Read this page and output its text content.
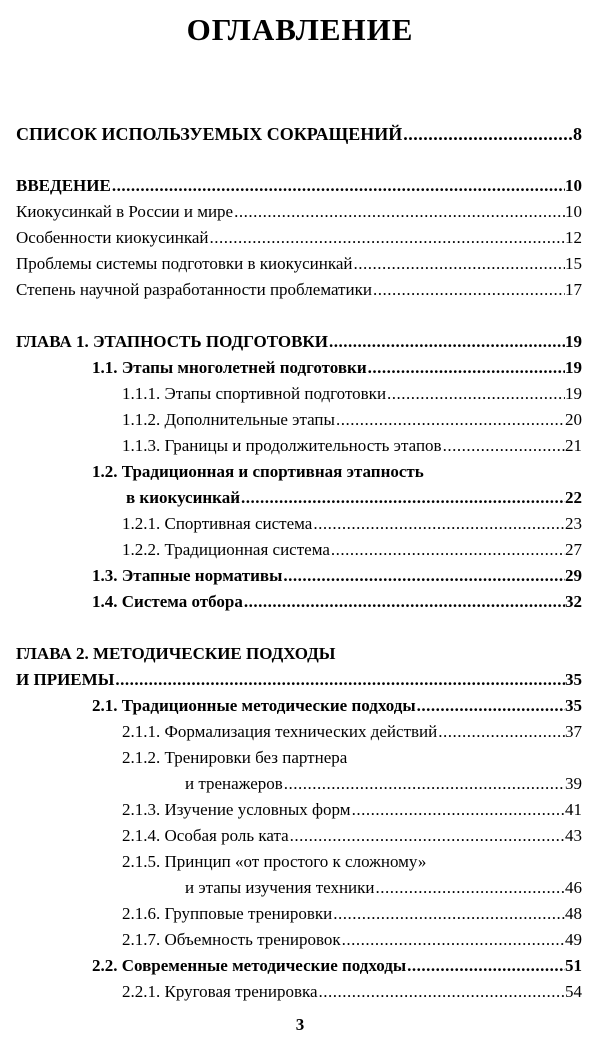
ОГЛАВЛЕНИЕ
СПИСОК ИСПОЛЬЗУЕМЫХ СОКРАЩЕНИЙ .....	8
ВВЕДЕНИЕ .....	10
Киокусинкай в России и мире .....	10
Особенности киокусинкай .....	12
Проблемы системы подготовки в киокусинкай .....	15
Степень научной разработанности проблематики .....	17
ГЛАВА 1. ЭТАПНОСТЬ ПОДГОТОВКИ .....	19
1.1. Этапы многолетней подготовки .....	19
1.1.1. Этапы спортивной подготовки .....	19
1.1.2. Дополнительные этапы .....	20
1.1.3. Границы и продолжительность этапов .....	21
1.2. Традиционная и спортивная этапность
в киокусинкай .....	22
1.2.1. Спортивная система .....	23
1.2.2. Традиционная система .....	27
1.3. Этапные нормативы .....	29
1.4. Система отбора .....	32
ГЛАВА 2. МЕТОДИЧЕСКИЕ ПОДХОДЫ
И ПРИЕМЫ .....	35
2.1. Традиционные методические подходы .....	35
2.1.1. Формализация технических действий .....	37
2.1.2. Тренировки без партнера
и тренажеров .....	39
2.1.3. Изучение условных форм .....	41
2.1.4. Особая роль ката .....	43
2.1.5. Принцип «от простого к сложному»
и этапы изучения техники .....	46
2.1.6. Групповые тренировки .....	48
2.1.7. Объемность тренировок .....	49
2.2. Современные методические подходы .....	51
2.2.1. Круговая тренировка .....	54
3
